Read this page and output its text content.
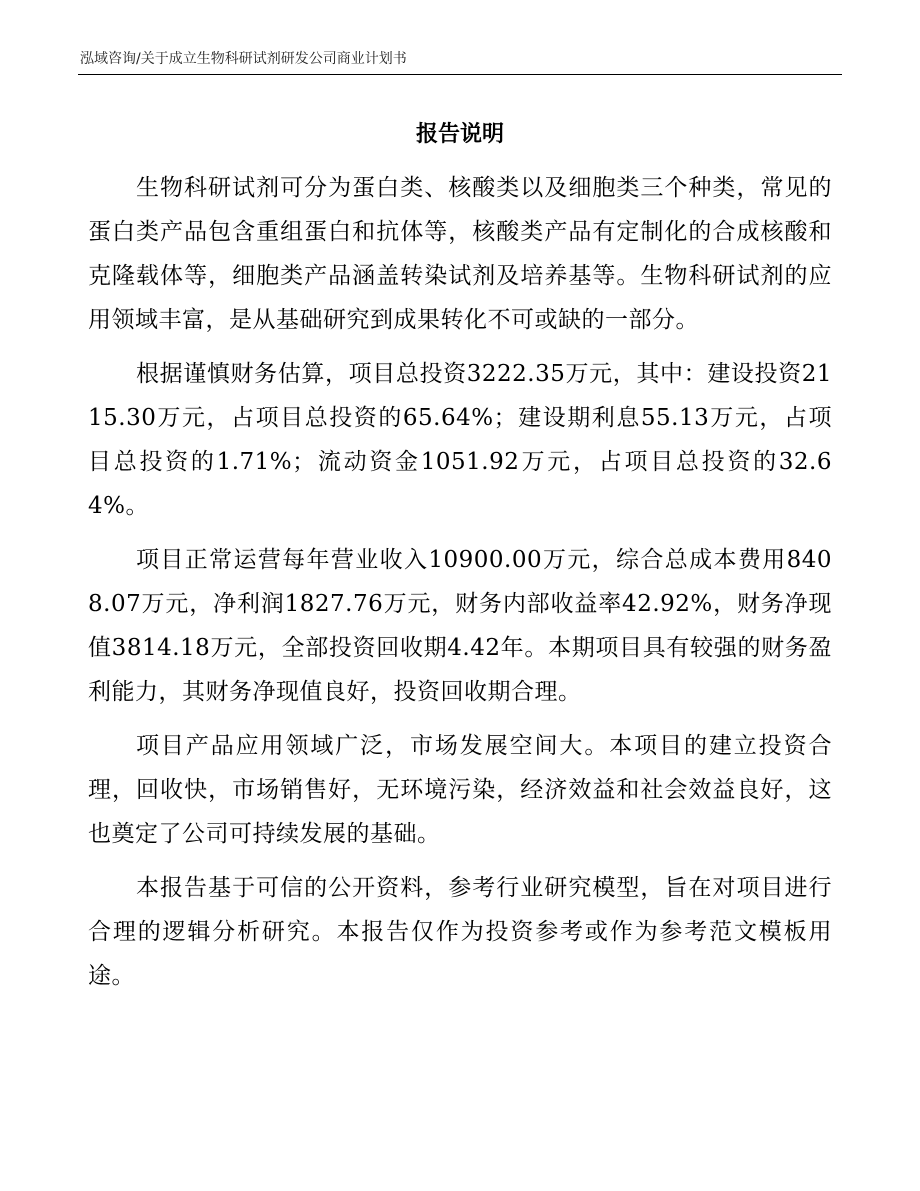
泓域咨询/关于成立生物科研试剂研发公司商业计划书
报告说明

生物科研试剂可分为蛋白类、核酸类以及细胞类三个种类，常见的蛋白类产品包含重组蛋白和抗体等，核酸类产品有定制化的合成核酸和克隆载体等，细胞类产品涵盖转染试剂及培养基等。生物科研试剂的应用领域丰富，是从基础研究到成果转化不可或缺的一部分。

根据谨慎财务估算，项目总投资3222.35万元，其中：建设投资2115.30万元，占项目总投资的65.64%；建设期利息55.13万元，占项目总投资的1.71%；流动资金1051.92万元，占项目总投资的32.64%。

项目正常运营每年营业收入10900.00万元，综合总成本费用8408.07万元，净利润1827.76万元，财务内部收益率42.92%，财务净现值3814.18万元，全部投资回收期4.42年。本期项目具有较强的财务盈利能力，其财务净现值良好，投资回收期合理。

项目产品应用领域广泛，市场发展空间大。本项目的建立投资合理，回收快，市场销售好，无环境污染，经济效益和社会效益良好，这也奠定了公司可持续发展的基础。

本报告基于可信的公开资料，参考行业研究模型，旨在对项目进行合理的逻辑分析研究。本报告仅作为投资参考或作为参考范文模板用途。
